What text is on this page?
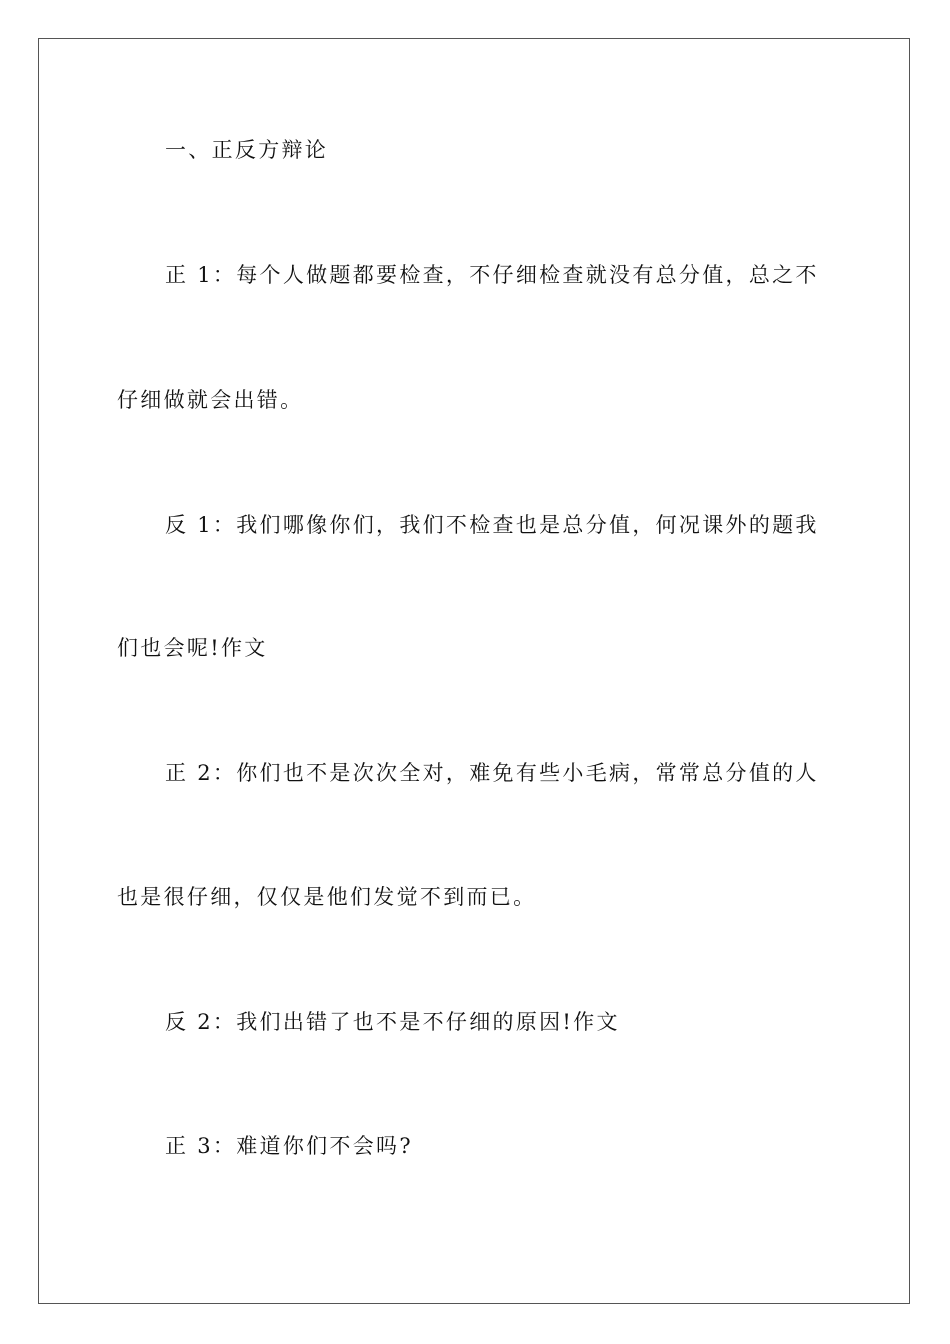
一、正反方辩论
正 1：每个人做题都要检查，不仔细检查就没有总分值，总之不
仔细做就会出错。
反 1：我们哪像你们，我们不检查也是总分值，何况课外的题我
们也会呢!作文
正 2：你们也不是次次全对，难免有些小毛病，常常总分值的人
也是很仔细，仅仅是他们发觉不到而已。
反 2：我们出错了也不是不仔细的原因!作文
正 3：难道你们不会吗?
